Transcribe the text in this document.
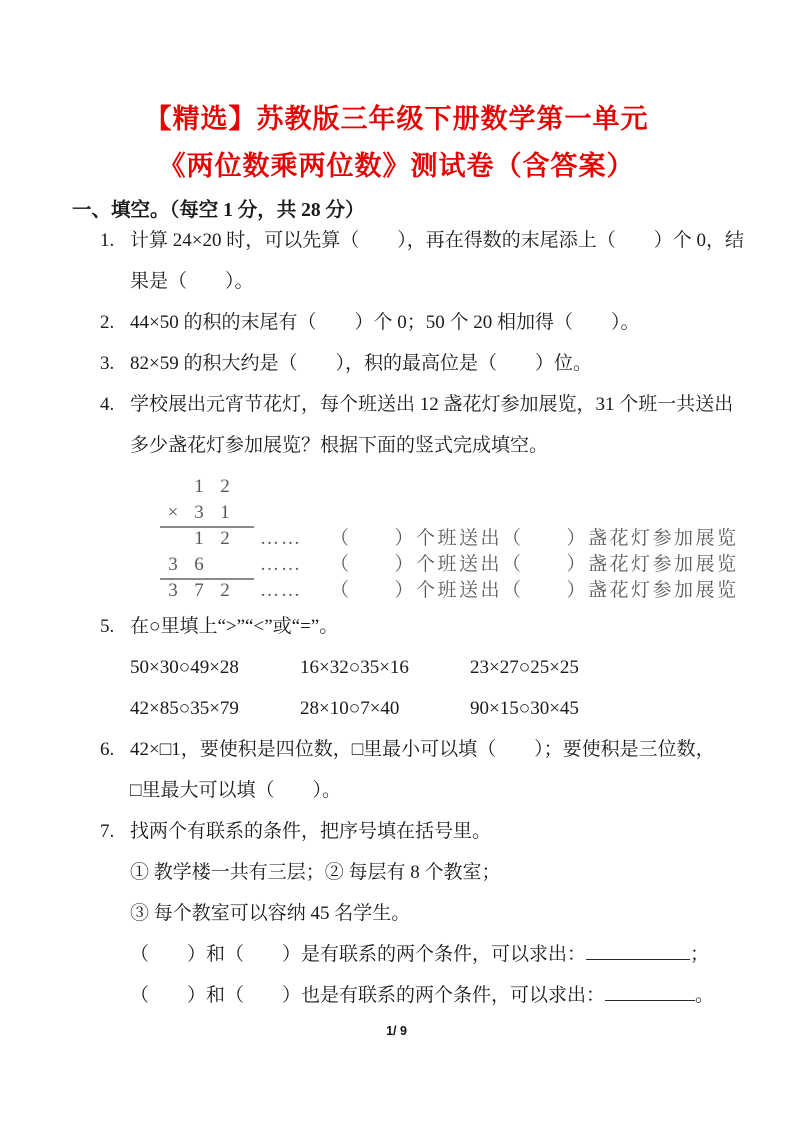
【精选】苏教版三年级下册数学第一单元
《两位数乘两位数》测试卷（含答案）
一、填空。（每空 1 分，共 28 分）
1. 计算 24×20 时，可以先算（　　），再在得数的末尾添上（　　）个 0，结
果是（　　）。
2. 44×50 的积的末尾有（　　）个 0；50 个 20 相加得（　　）。
3. 82×59 的积大约是（　　），积的最高位是（　　）位。
4. 学校展出元宵节花灯，每个班送出 12 盏花灯参加展览，31 个班一共送出
多少盏花灯参加展览？根据下面的竖式完成填空。
1 2
× 3 1
1 2 …… （　　）个班送出（　　）盏花灯参加展览
3 6	…… （　　）个班送出（　　）盏花灯参加展览
3 7 2 …… （　　）个班送出（　　）盏花灯参加展览
5. 在○里填上“>”“<”或“=”。
50×30○49×28	16×32○35×16	23×27○25×25
42×85○35×79	28×10○7×40	90×15○30×45
6. 42×□1，要使积是四位数，□里最小可以填（　　）；要使积是三位数，
□里最大可以填（　　）。
7. 找两个有联系的条件，把序号填在括号里。
① 教学楼一共有三层；② 每层有 8 个教室；
③ 每个教室可以容纳 45 名学生。
（　　）和（　　）是有联系的两个条件，可以求出：	；
（　　）和（　　）也是有联系的两个条件，可以求出：	。
1/ 9
